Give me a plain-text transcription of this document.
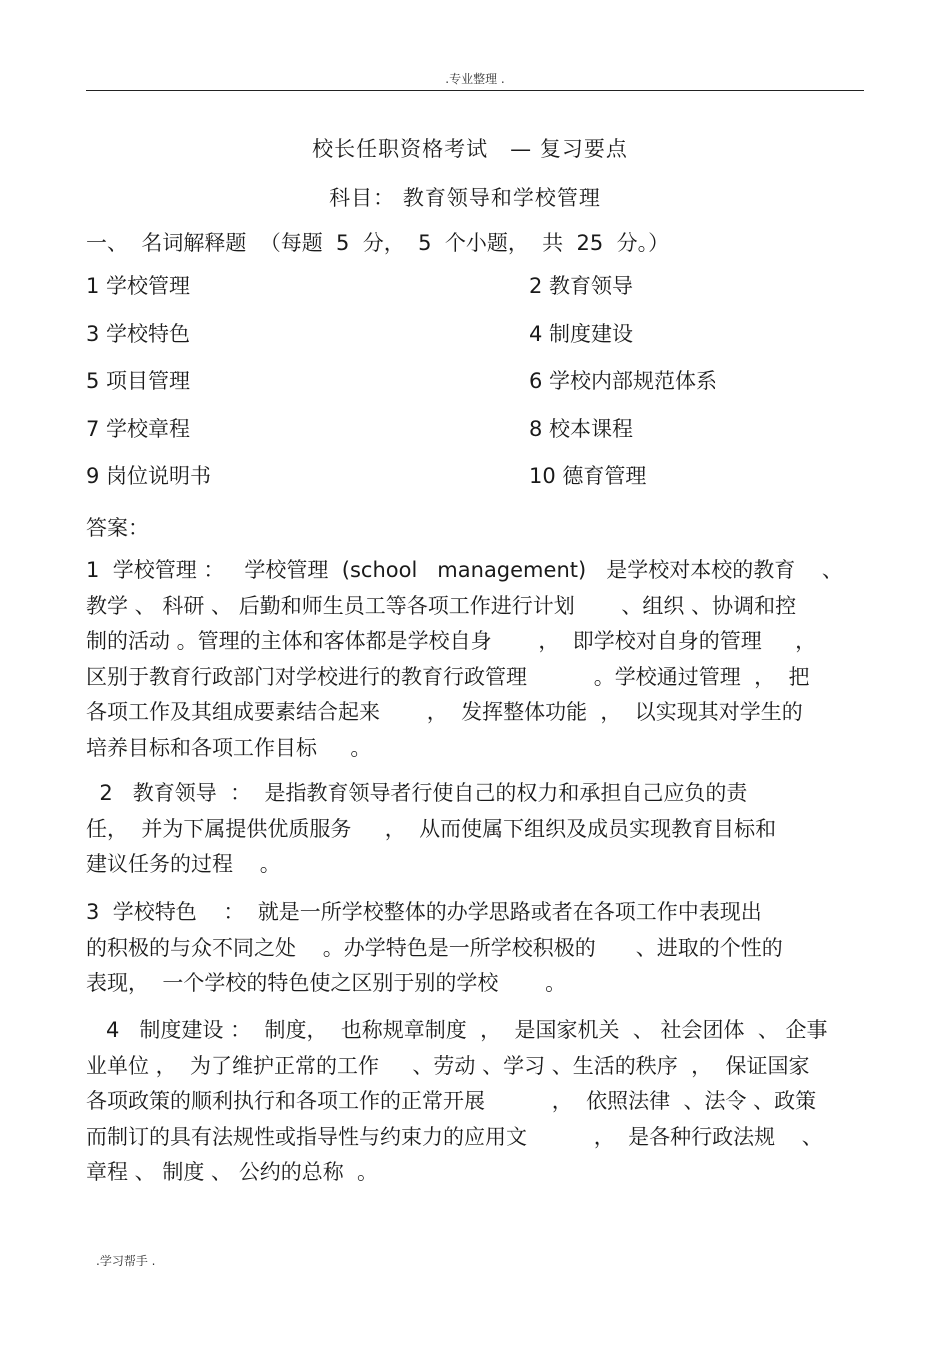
.专业整理 .
校长任职资格考试　— 复习要点
科目： 教育领导和学校管理
一、  名词解释题  （每题  5  分，  5  个小题，  共  25  分。）
1 学校管理	2 教育领导
3 学校特色	4 制度建设
5 项目管理	6 学校内部规范体系
7 学校章程	8 校本课程
9 岗位说明书	10 德育管理
答案：
1  学校管理 ：   学校管理  (school   management)   是学校对本校的教育    、
教学 、 科研 、 后勤和师生员工等各项工作进行计划       、组织 、协调和控
制的活动 。管理的主体和客体都是学校自身       ，  即学校对自身的管理     ，
区别于教育行政部门对学校进行的教育行政管理          。学校通过管理  ，  把
各项工作及其组成要素结合起来       ，  发挥整体功能  ，  以实现其对学生的
培养目标和各项工作目标     。
2   教育领导  ：  是指教育领导者行使自己的权力和承担自己应负的责
任，  并为下属提供优质服务     ，  从而使属下组织及成员实现教育目标和
建议任务的过程    。
3  学校特色    ：  就是一所学校整体的办学思路或者在各项工作中表现出
的积极的与众不同之处    。办学特色是一所学校积极的      、进取的个性的
表现，  一个学校的特色使之区别于别的学校       。
4   制度建设 ：  制度，  也称规章制度  ，  是国家机关  、 社会团体  、 企事
业单位 ，  为了维护正常的工作     、劳动 、学习 、生活的秩序  ，  保证国家
各项政策的顺利执行和各项工作的正常开展          ，  依照法律  、法令 、政策
而制订的具有法规性或指导性与约束力的应用文          ，  是各种行政法规    、
章程 、 制度 、 公约的总称  。
.学习帮手 .
